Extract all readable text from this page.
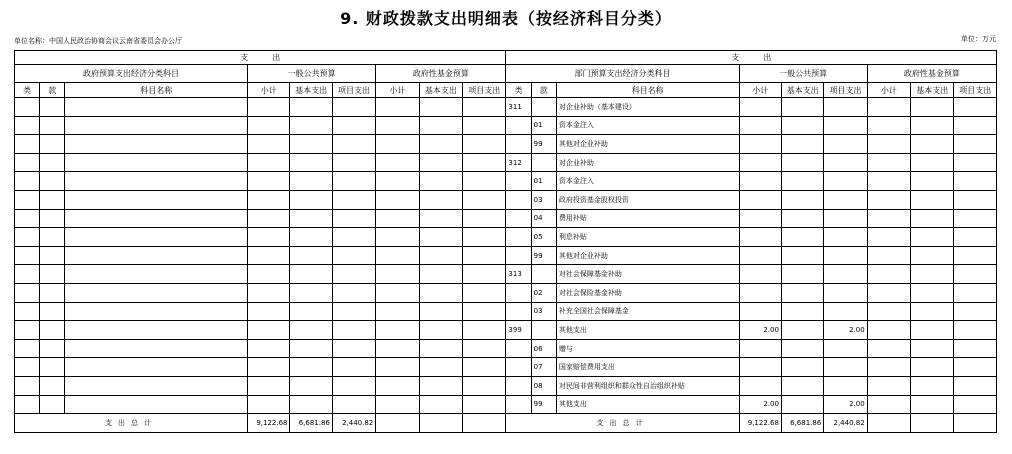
9. 财政拨款支出明细表（按经济科目分类）
单位名称：中国人民政治协商会议云南省委员会办公厅	单位：万元
支　　　出									支　　　出								
政府预算支出经济分类科目			一般公共预算			政府性基金预算			部门预算支出经济分类科目			一般公共预算			政府性基金预算		
类	款	科目名称	小计	基本支出	项目支出	小计	基本支出	项目支出	类	款	科目名称	小计	基本支出	项目支出	小计	基本支出	项目支出
									311		对企业补助（基本建设）						
										01	资本金注入						
										99	其他对企业补助						
									312		对企业补助						
										01	资本金注入						
										03	政府投资基金股权投资						
										04	费用补贴						
										05	利息补贴						
										99	其他对企业补助						
									313		对社会保障基金补助						
										02	对社会保险基金补助						
										03	补充全国社会保障基金						
									399		其他支出	2.00		2.00			
										06	赠与						
										07	国家赔偿费用支出						
										08	对民间非营利组织和群众性自治组织补贴						
										99	其他支出	2.00		2.00			
支出总计			9,122.68	6,681.86	2,440.82				支出总计			9,122.68	6,681.86	2,440.82			
